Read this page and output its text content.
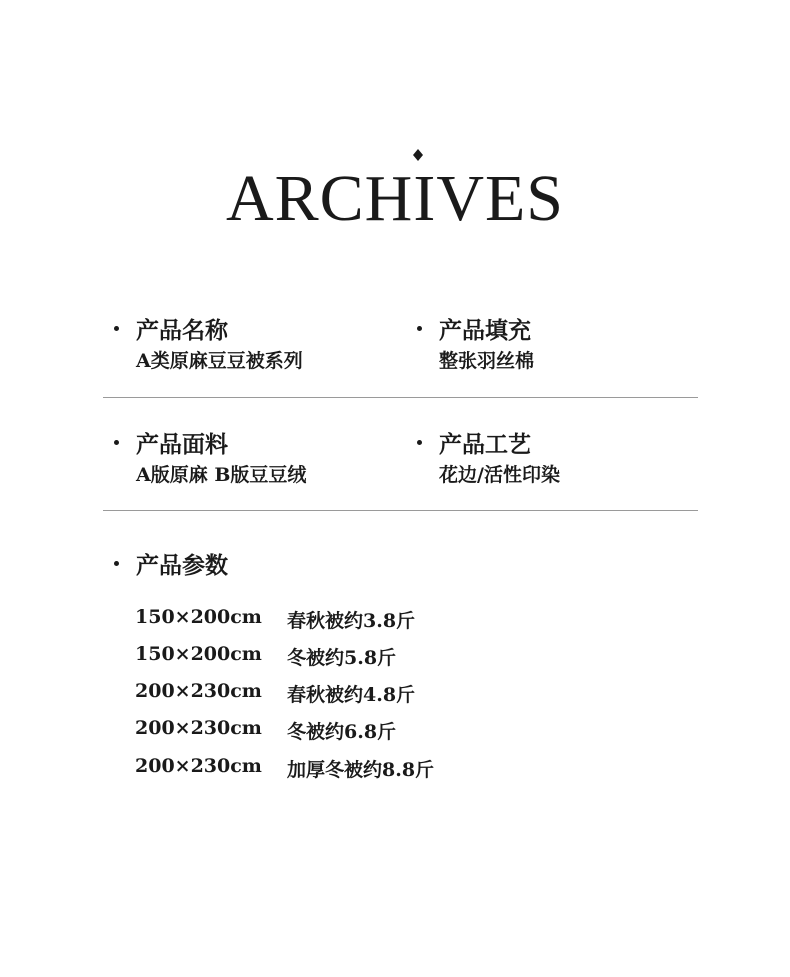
ARCHIVES
产品名称
A类原麻豆豆被系列
产品填充
整张羽丝棉
产品面料
A版原麻 B版豆豆绒
产品工艺
花边/活性印染
产品参数
150×200cm 春秋被约3.8斤
150×200cm 冬被约5.8斤
200×230cm 春秋被约4.8斤
200×230cm 冬被约6.8斤
200×230cm 加厚冬被约8.8斤
